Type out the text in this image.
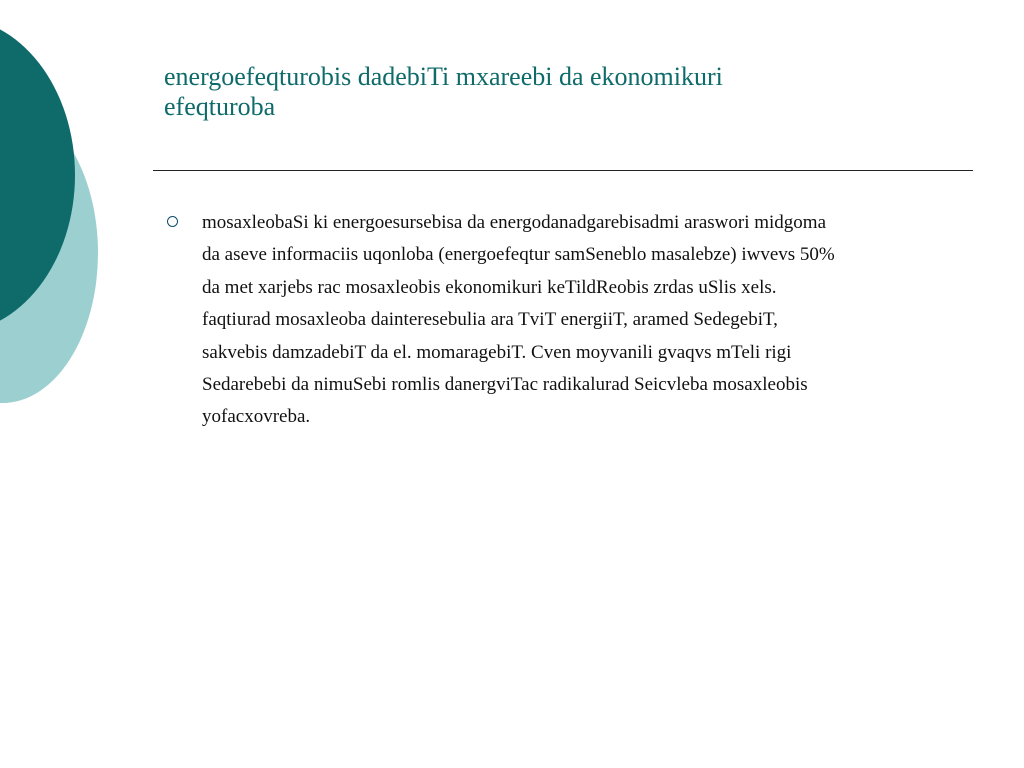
energoefeqturobis dadebiTi mxareebi da ekonomikuri
efeqturoba
mosaxleobaSi ki energoesursebisa da energodanadgarebisadmi araswori midgoma
da aseve informaciis uqonloba (energoefeqtur samSeneblo masalebze) iwvevs 50%
da met xarjebs rac mosaxleobis ekonomikuri keTildReobis zrdas uSlis xels.
faqtiurad mosaxleoba dainteresebulia ara TviT energiiT, aramed SedegebiT,
sakvebis damzadebiT da el. momaragebiT. Cven moyvanili gvaqvs mTeli rigi
Sedarebebi da nimuSebi romlis danergviTac radikalurad Seicvleba mosaxleobis
yofacxovreba.
